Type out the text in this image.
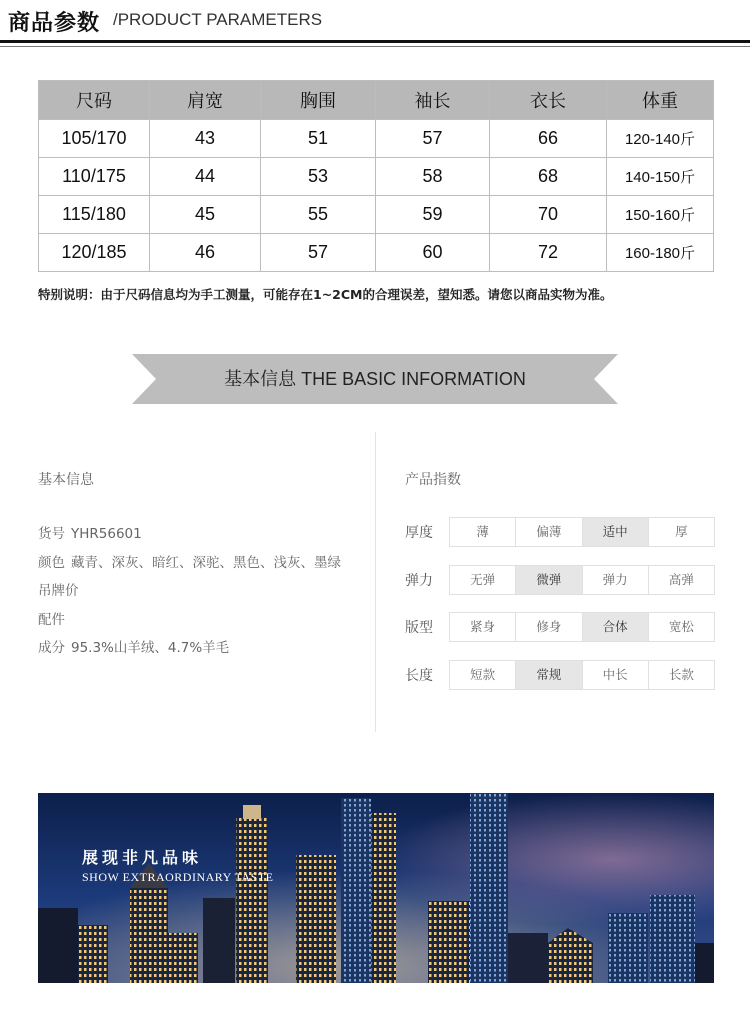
商品参数 /PRODUCT PARAMETERS
尺码	肩宽	胸围	袖长	衣长	体重
105/170	43	51	57	66	120-140斤
110/175	44	53	58	68	140-150斤
115/180	45	55	59	70	150-160斤
120/185	46	57	60	72	160-180斤
特别说明：由于尺码信息均为手工测量，可能存在1~2CM的合理误差，望知悉。请您以商品实物为准。
基本信息 THE BASIC INFORMATION
基本信息
货号 YHR56601
颜色 藏青、深灰、暗红、深驼、黑色、浅灰、墨绿
吊牌价
配件
成分 95.3%山羊绒、4.7%羊毛
产品指数
厚度	薄	偏薄	适中	厚
弹力	无弹	微弹	弹力	高弹
版型	紧身	修身	合体	宽松
长度	短款	常规	中长	长款
展现非凡品味
SHOW EXTRAORDINARY TASTE
